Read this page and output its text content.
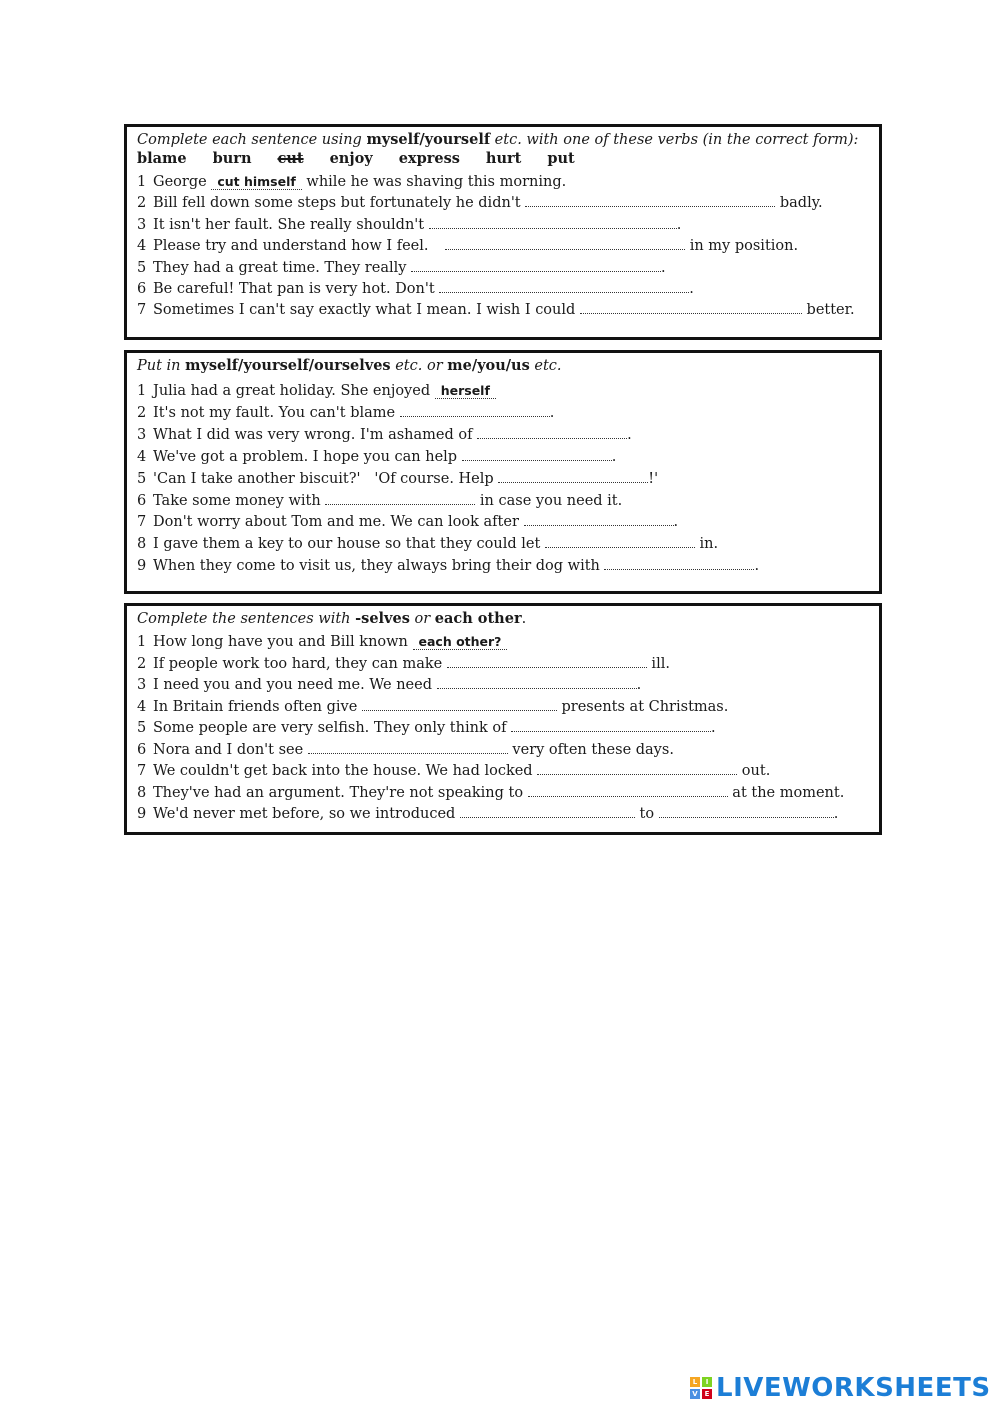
Complete each sentence using myself/yourself etc. with one of these verbs (in the correct form):

blame burn cut enjoy express hurt put

1 George cut himself while he was shaving this morning.

2 Bill fell down some steps but fortunately he didn't	badly.

3 It isn't her fault. She really shouldn't	.

4 Please try and understand how I feel.	in my position.

5 They had a great time. They really	.

6 Be careful! That pan is very hot. Don't	.

7 Sometimes I can't say exactly what I mean. I wish I could	better.

Put in myself/yourself/ourselves etc. or me/you/us etc.

1 Julia had a great holiday. She enjoyed herself

2 It's not my fault. You can't blame	.

3 What I did was very wrong. I'm ashamed of	.

4 We've got a problem. I hope you can help	.

5 'Can I take another biscuit?'   'Of course. Help	!'

6 Take some money with	in case you need it.

7 Don't worry about Tom and me. We can look after	.

8 I gave them a key to our house so that they could let	in.

9 When they come to visit us, they always bring their dog with	.

Complete the sentences with -selves or each other.

1 How long have you and Bill known each other?

2 If people work too hard, they can make	ill.

3 I need you and you need me. We need	.

4 In Britain friends often give	presents at Christmas.

5 Some people are very selfish. They only think of	.

6 Nora and I don't see	very often these days.

7 We couldn't get back into the house. We had locked	out.

8 They've had an argument. They're not speaking to	at the moment.

9 We'd never met before, so we introduced	to	.

L	I
V E LIVEWORKSHEETS
